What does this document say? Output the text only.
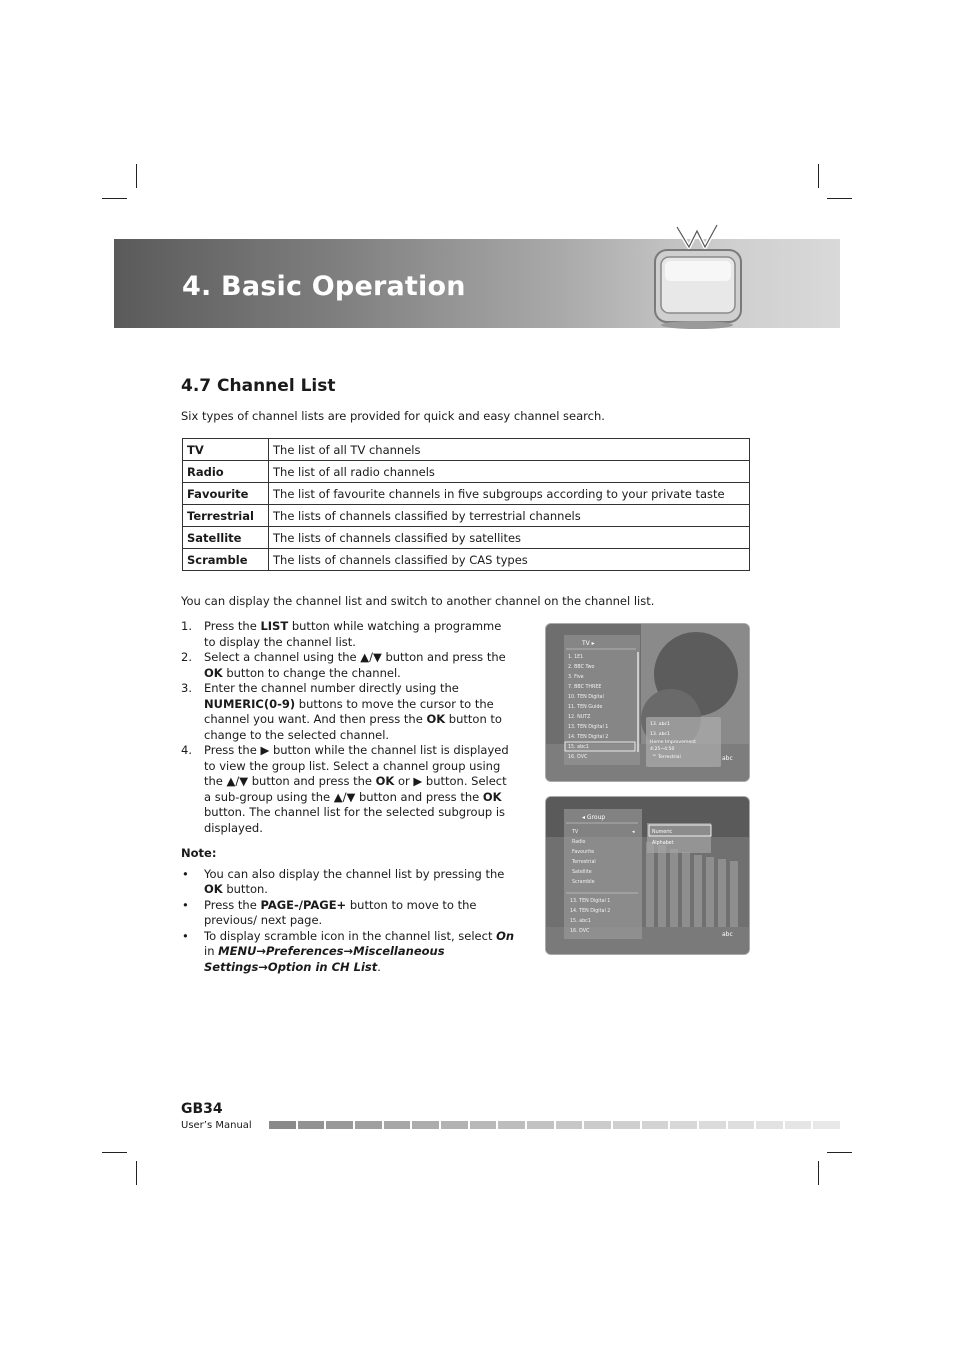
4. Basic Operation
4.7 Channel List

Six types of channel lists are provided for quick and easy channel search.

TV	The list of all TV channels
Radio	The list of all radio channels
Favourite	The list of favourite channels in five subgroups according to your private taste
Terrestrial	The lists of channels classified by terrestrial channels
Satellite	The lists of channels classified by satellites
Scramble	The lists of channels classified by CAS types

You can display the channel list and switch to another channel on the channel list.

1. Press the LIST button while watching a programme to display the channel list.
2. Select a channel using the ▲/▼ button and press the OK button to change the channel.
3. Enter the channel number directly using the NUMERIC(0-9) buttons to move the cursor to the channel you want. And then press the OK button to change to the selected channel.
4. Press the ▶ button while the channel list is displayed to view the group list. Select a channel group using the ▲/▼ button and press the OK or ▶ button. Select a sub-group using the ▲/▼ button and press the OK button. The channel list for the selected subgroup is displayed.
Note:
• You can also display the channel list by pressing the OK button.
• Press the PAGE-/PAGE+ button to move to the previous/ next page.
• To display scramble icon in the channel list, select On in MENU→Preferences→Miscellaneous Settings→Option in CH List.
TV ▸
1. 1E1
2. BBC Two
3. Five
7. BBC THREE
10. TEN Digital
11. TEN Guide
12. NUTZ
13. TEN Digital 1
14. TEN Digital 2
15. abc1
16. DVC
13. abc1
13. abc1
Home Improvement
4:25~4:50
™ Terrestrial	abc
◂ Group
◂
TV
Radio
Favourite
Terrestrial
Satellite
Scramble
13. TEN Digital 1
14. TEN Digital 2
15. abc1
16. DVC
Numeric
Alphabet
abc
GB34
User’s Manual
